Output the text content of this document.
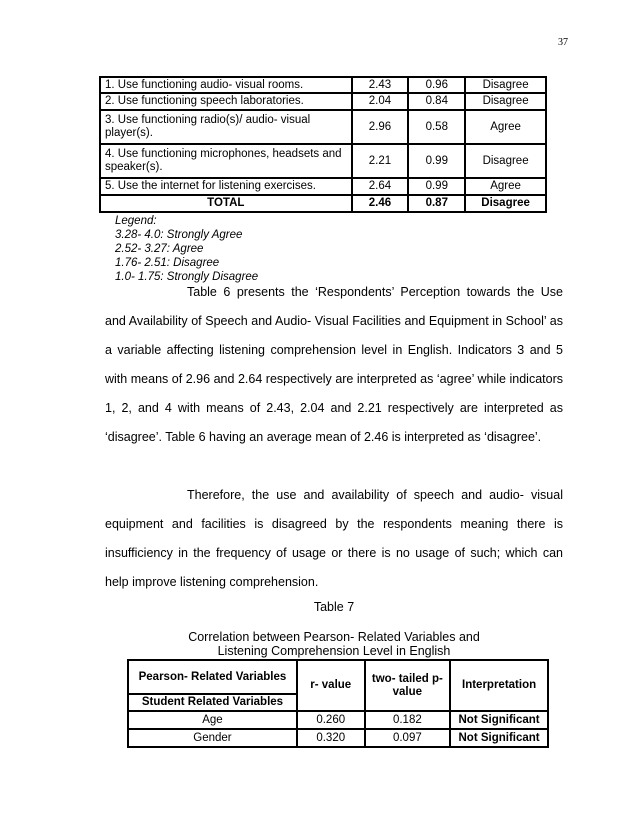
37
1. Use functioning audio- visual rooms.	2.43	0.96	Disagree
2. Use functioning speech laboratories.	2.04	0.84	Disagree
3. Use functioning radio(s)/ audio- visual player(s).	2.96	0.58	Agree
4. Use functioning microphones, headsets and speaker(s).	2.21	0.99	Disagree
5. Use the internet for listening exercises.	2.64	0.99	Agree
TOTAL	2.46	0.87	Disagree
Legend:
3.28- 4.0: Strongly Agree
2.52- 3.27: Agree
1.76- 2.51: Disagree
1.0- 1.75: Strongly Disagree

Table 6 presents the ‘Respondents’ Perception towards the Use and Availability of Speech and Audio- Visual Facilities and Equipment in School’ as a variable affecting listening comprehension level in English. Indicators 3 and 5 with means of 2.96 and 2.64 respectively are interpreted as ‘agree’ while indicators 1, 2, and 4 with means of 2.43, 2.04 and 2.21 respectively are interpreted as ‘disagree’. Table 6 having an average mean of 2.46 is interpreted as ‘disagree’.

Therefore, the use and availability of speech and audio- visual equipment and facilities is disagreed by the respondents meaning there is insufficiency in the frequency of usage or there is no usage of such; which can help improve listening comprehension.

Table 7
Correlation between Pearson- Related Variables and
Listening Comprehension Level in English
Pearson- Related Variables	r- value	two- tailed p- value	Interpretation
Student Related Variables			
Age	0.260	0.182	Not Significant
Gender	0.320	0.097	Not Significant
